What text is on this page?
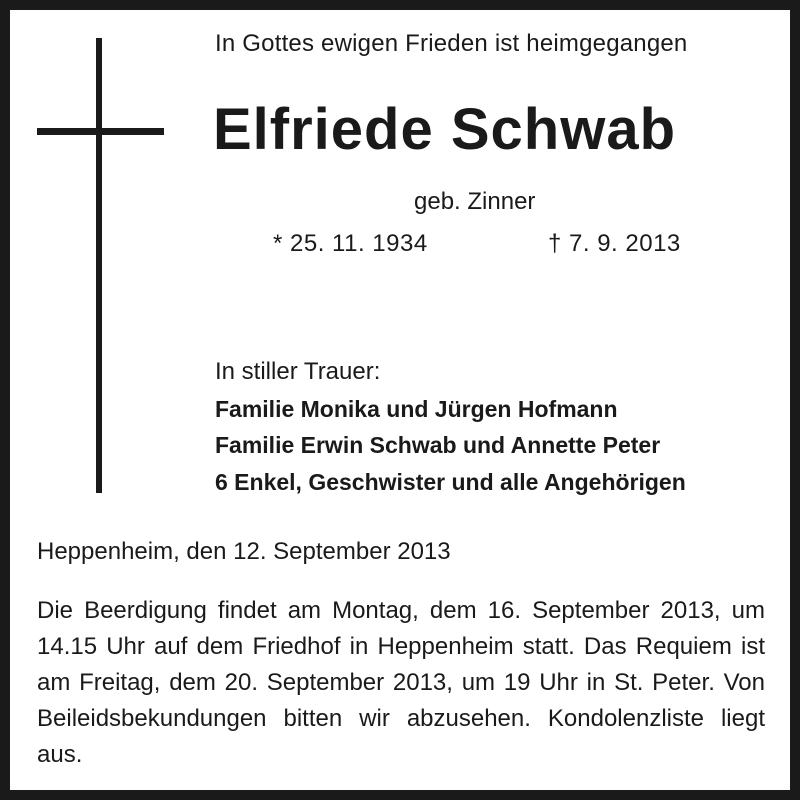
In Gottes ewigen Frieden ist heimgegangen
Elfriede Schwab
geb. Zinner
* 25. 11. 1934	† 7. 9. 2013
In stiller Trauer:
Familie Monika und Jürgen Hofmann
Familie Erwin Schwab und Annette Peter
6 Enkel, Geschwister und alle Angehörigen
Heppenheim, den 12. September 2013
Die Beerdigung findet am Montag, dem 16. September 2013, um 14.15 Uhr auf dem Friedhof in Heppenheim statt. Das Requiem ist am Freitag, dem 20. September 2013, um 19 Uhr in St. Peter. Von Beileidsbekundungen bitten wir abzusehen. Kondolenzliste liegt aus.
